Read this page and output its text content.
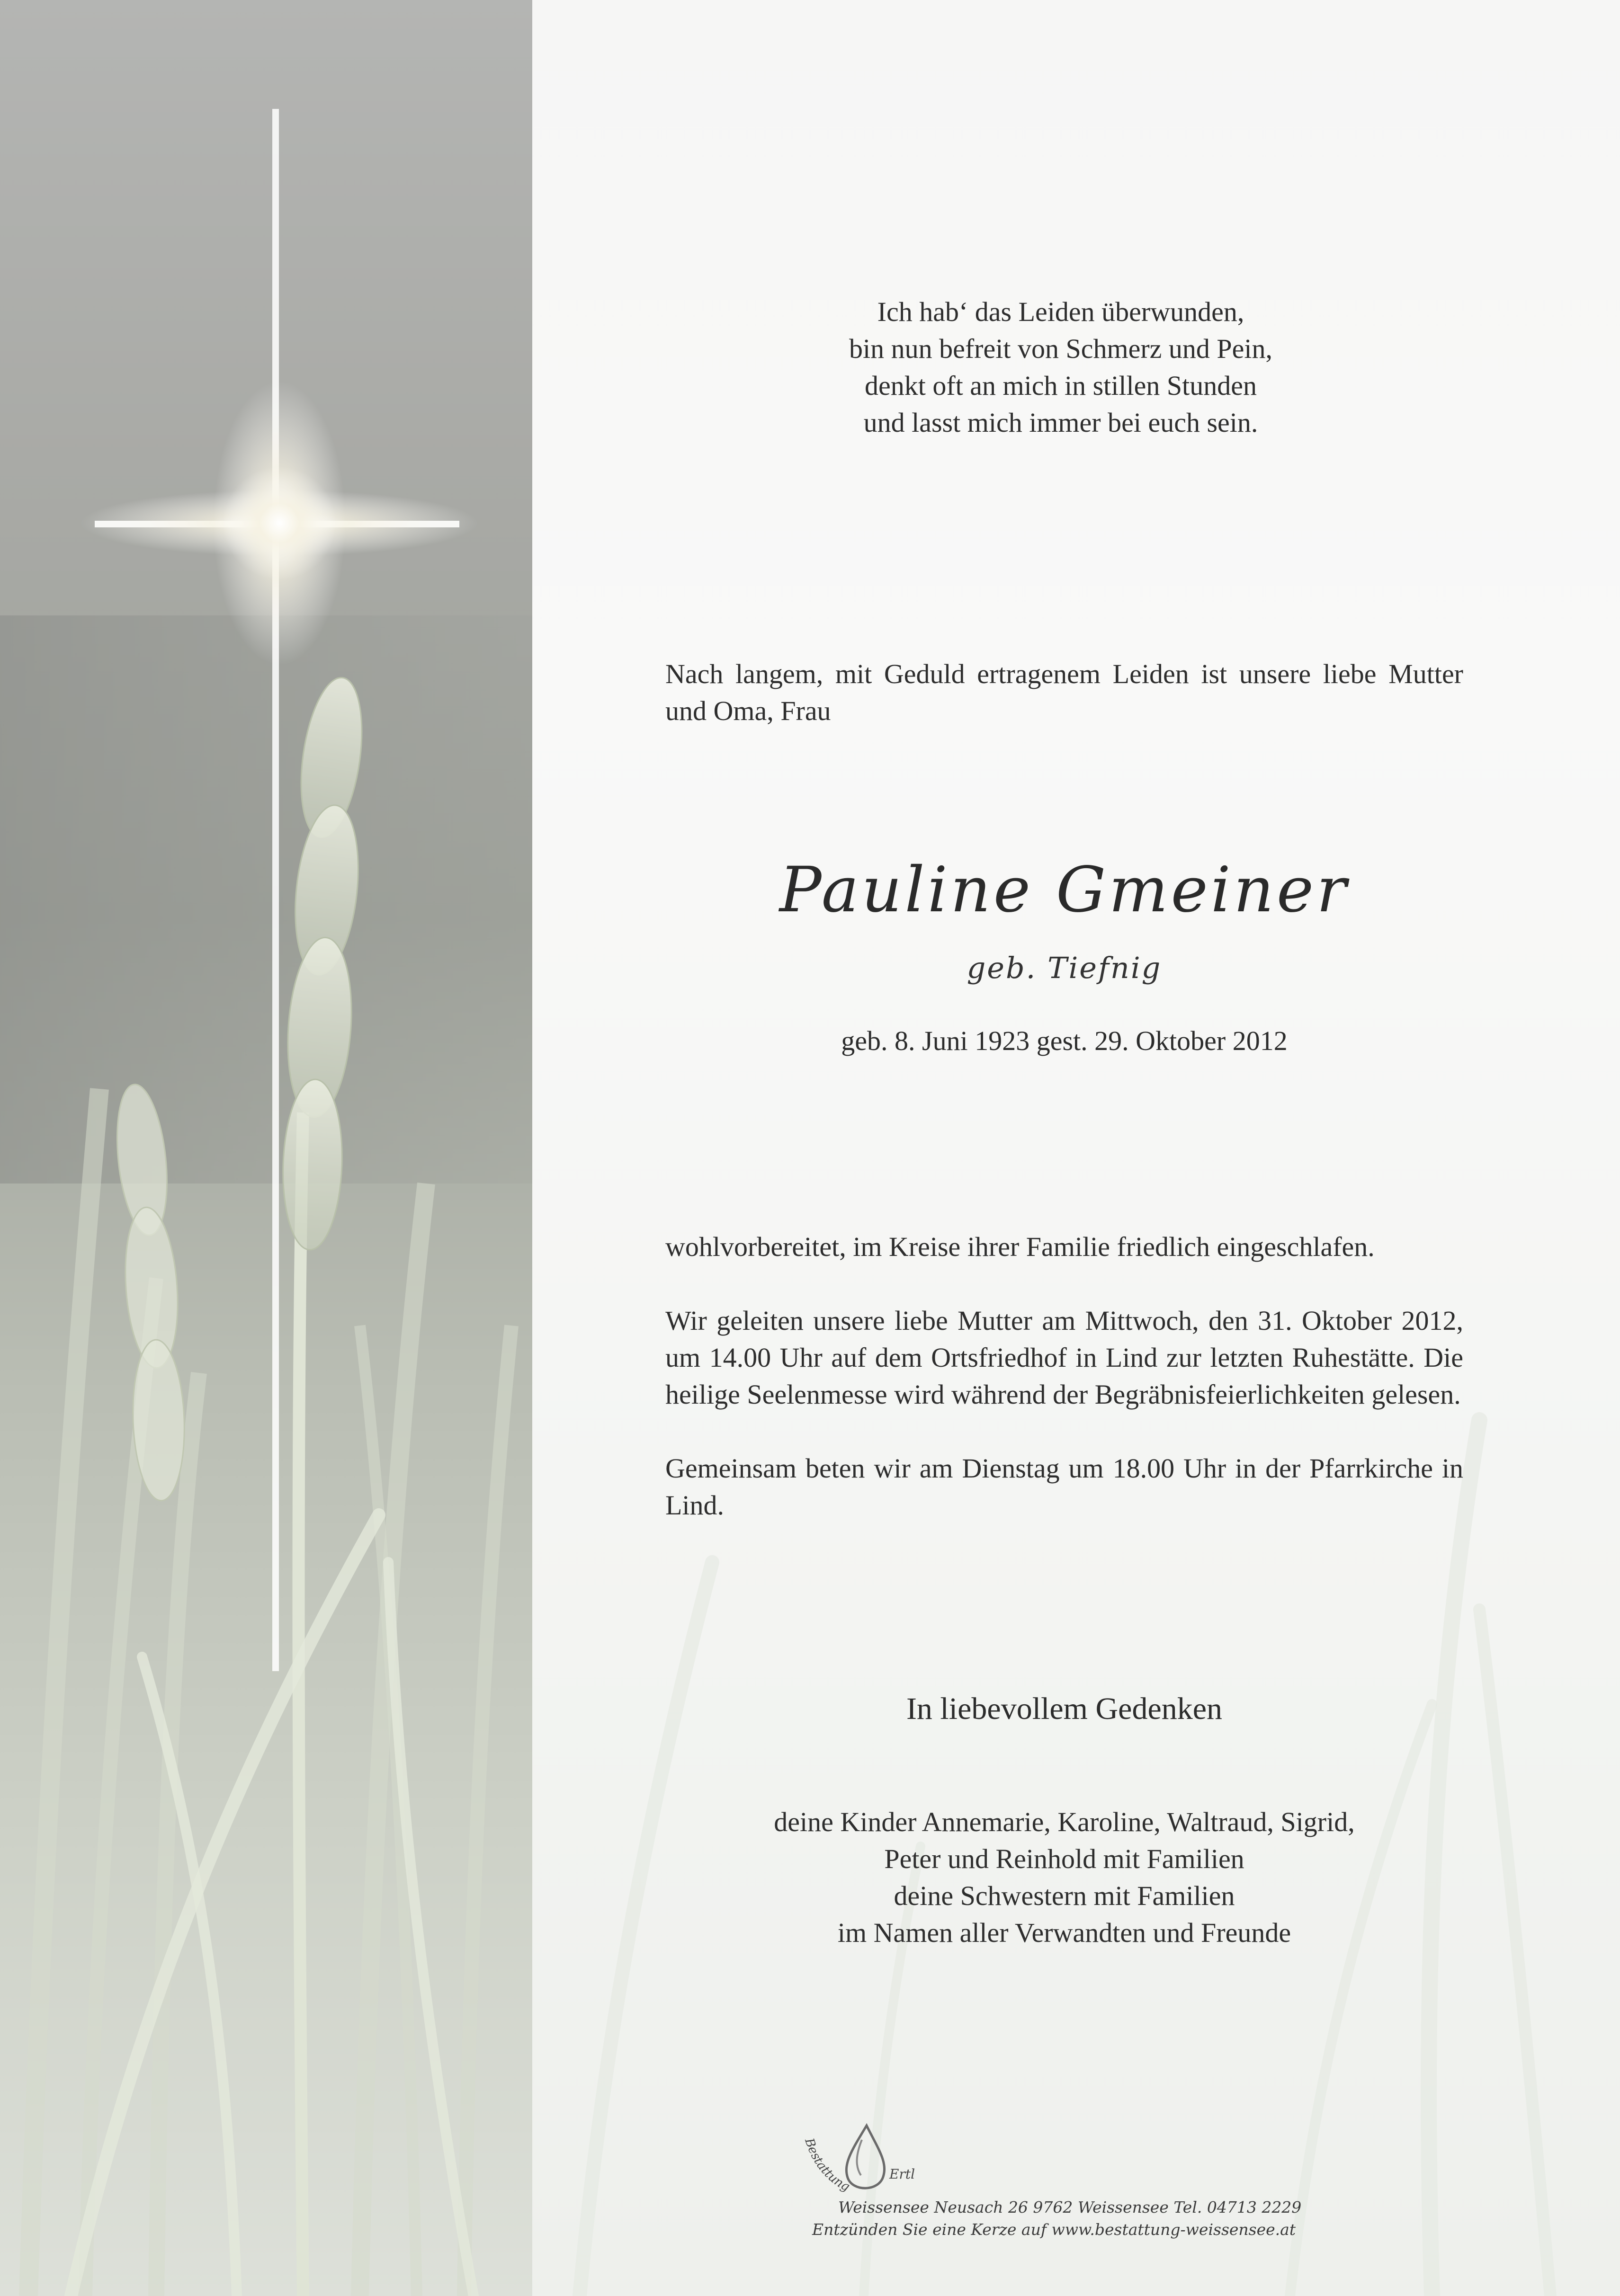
Ich hab‘ das Leiden überwunden,
bin nun befreit von Schmerz und Pein,
denkt oft an mich in stillen Stunden
und lasst mich immer bei euch sein.
Nach langem, mit Geduld ertragenem Leiden ist unsere liebe Mutter und Oma, Frau
Pauline Gmeiner
geb. Tiefnig
geb. 8. Juni 1923 gest. 29. Oktober 2012

wohlvorbereitet, im Kreise ihrer Familie friedlich eingeschlafen.

Wir geleiten unsere liebe Mutter am Mittwoch, den 31. Oktober 2012, um 14.00 Uhr auf dem Ortsfriedhof in Lind zur letzten Ruhestätte. Die heilige Seelenmesse wird während der Begräbnisfeierlichkeiten gelesen.

Gemeinsam beten wir am Dienstag um 18.00 Uhr in der Pfarrkirche in Lind.

In liebevollem Gedenken
deine Kinder Annemarie, Karoline, Waltraud, Sigrid,
Peter und Reinhold mit Familien
deine Schwestern mit Familien
im Namen aller Verwandten und Freunde
Bestattung
Ertl
Weissensee Neusach 26 9762 Weissensee Tel. 04713 2229
Entzünden Sie eine Kerze auf www.bestattung-weissensee.at
